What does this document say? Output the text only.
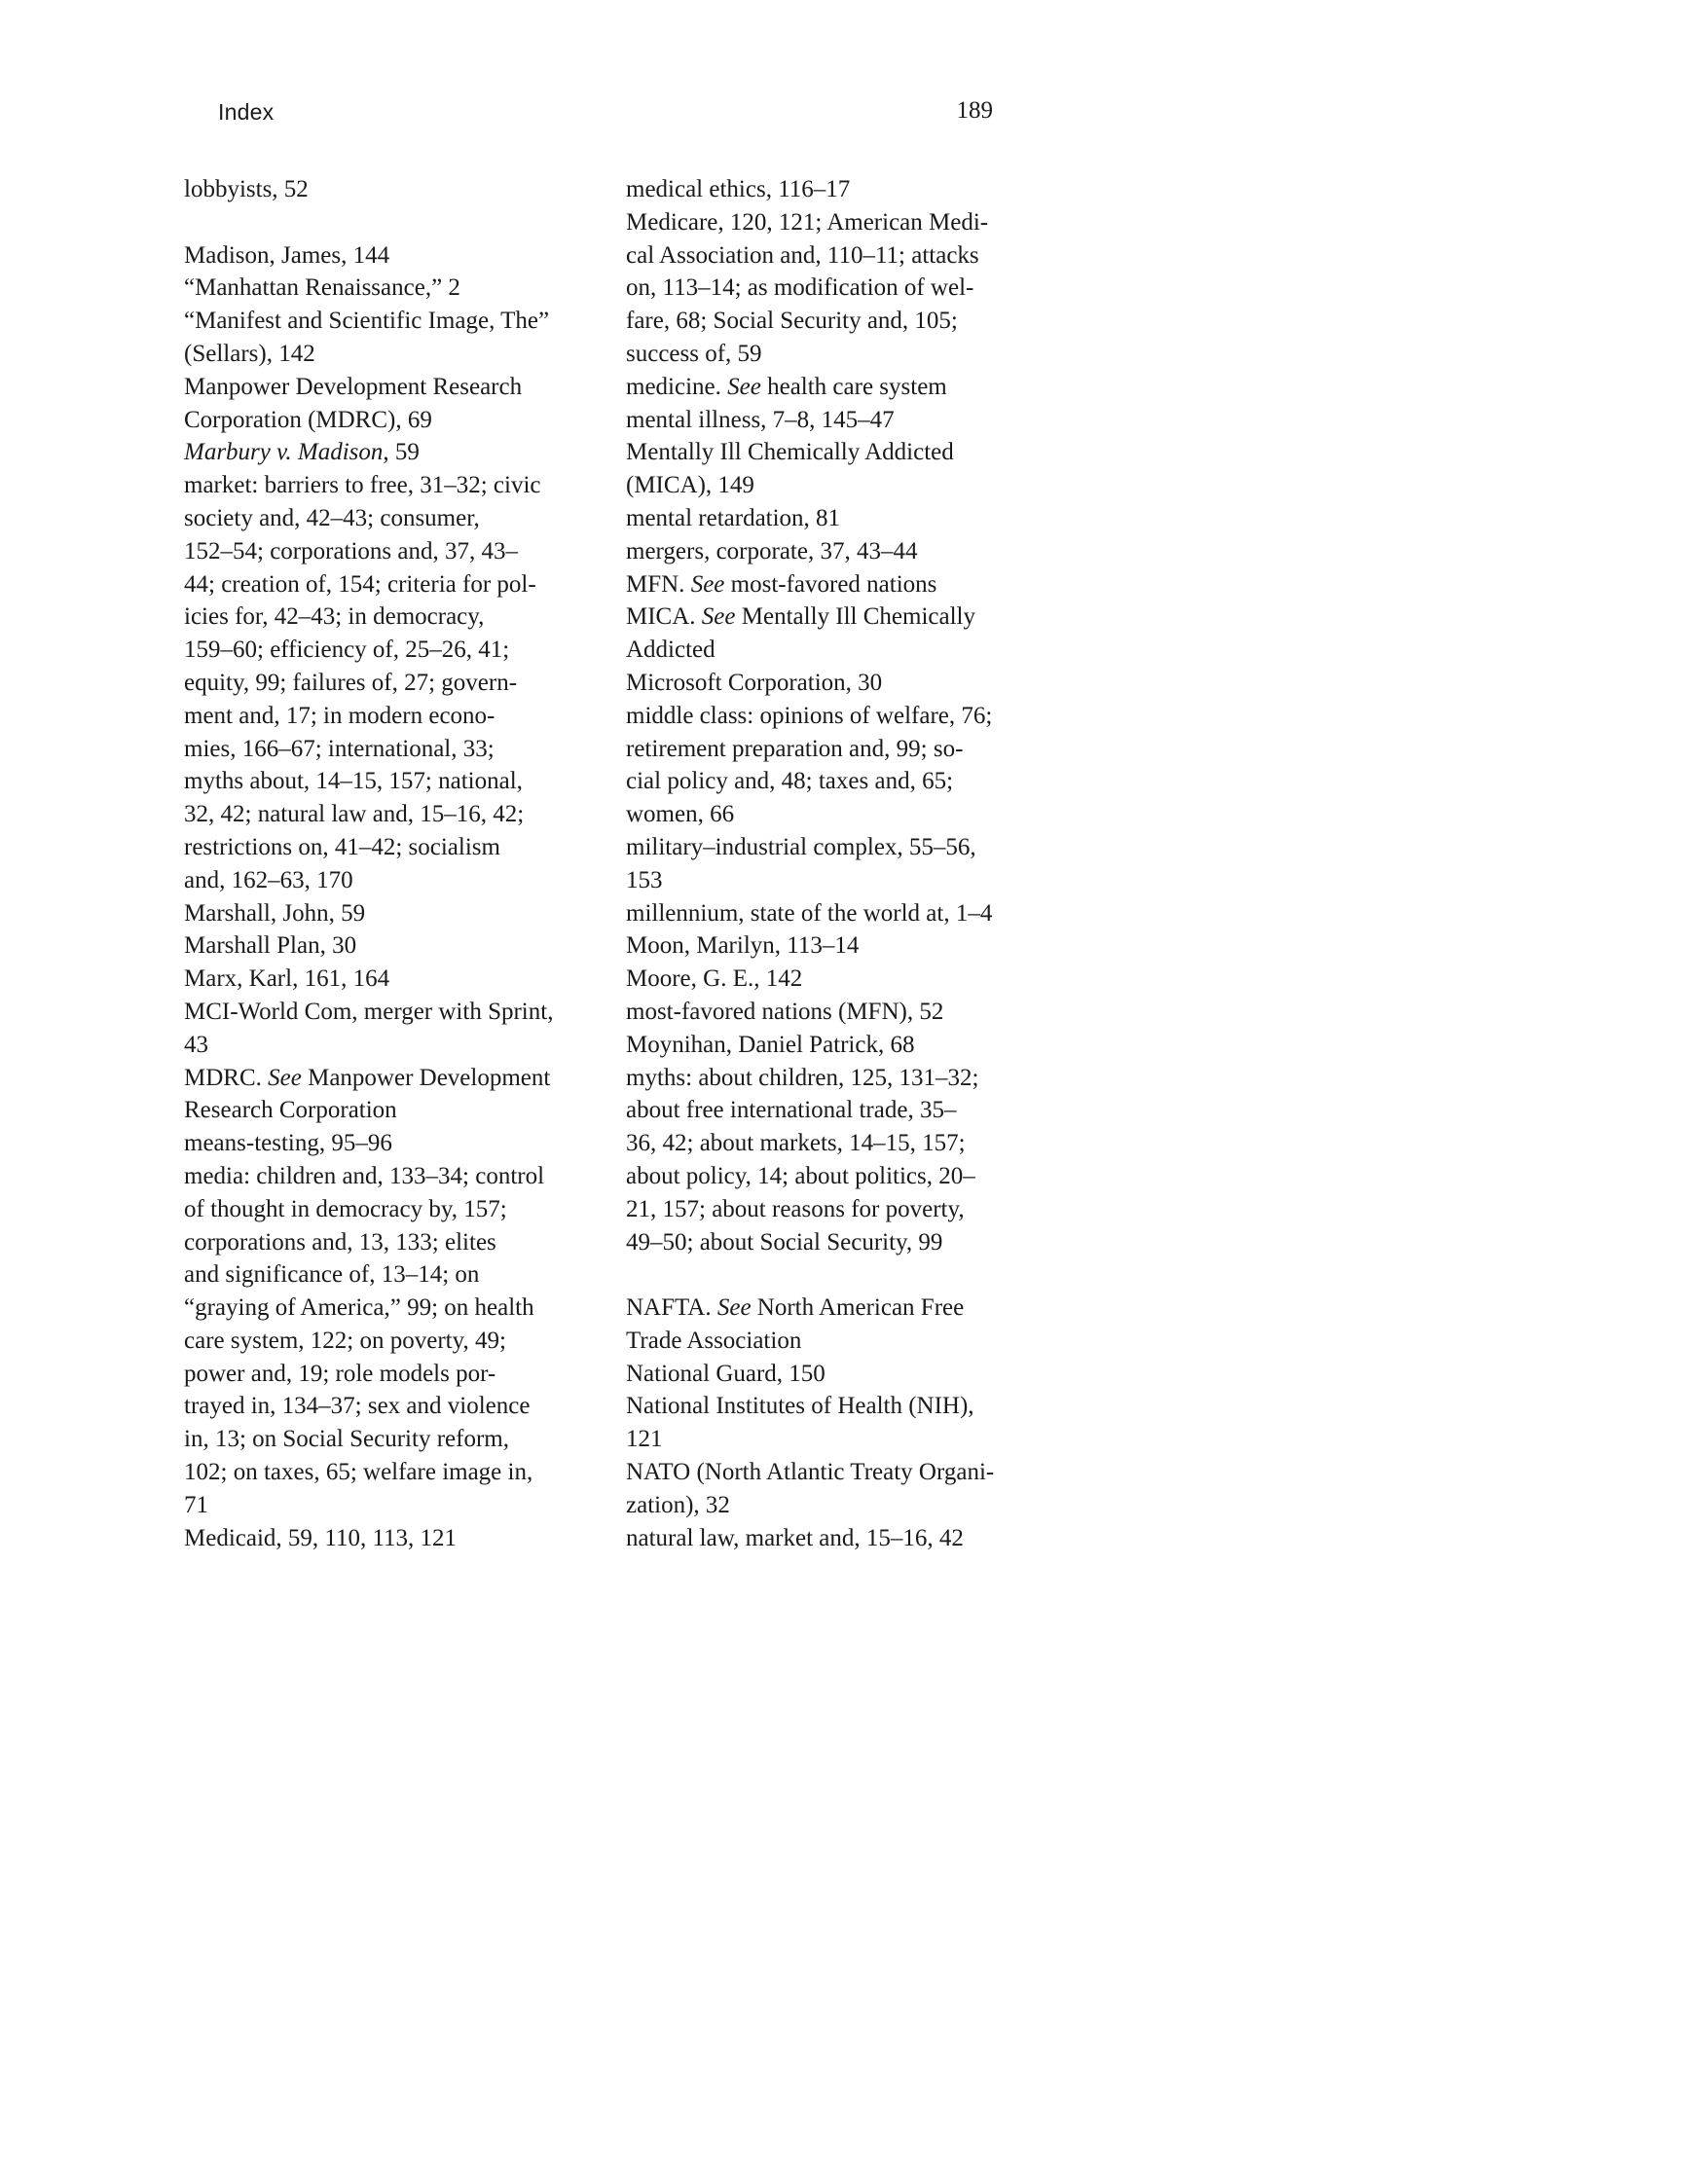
Index	189

lobbyists, 52

Madison, James, 144

“Manhattan Renaissance,” 2

“Manifest and Scientific Image, The”
(Sellars), 142

Manpower Development Research
Corporation (MDRC), 69

Marbury v. Madison, 59

market: barriers to free, 31–32; civic
society and, 42–43; consumer,
152–54; corporations and, 37, 43–
44; creation of, 154; criteria for pol-
icies for, 42–43; in democracy,
159–60; efficiency of, 25–26, 41;
equity, 99; failures of, 27; govern-
ment and, 17; in modern econo-
mies, 166–67; international, 33;
myths about, 14–15, 157; national,
32, 42; natural law and, 15–16, 42;
restrictions on, 41–42; socialism
and, 162–63, 170

Marshall, John, 59

Marshall Plan, 30

Marx, Karl, 161, 164

MCI-World Com, merger with Sprint,
43

MDRC. See Manpower Development
Research Corporation

means-testing, 95–96

media: children and, 133–34; control
of thought in democracy by, 157;
corporations and, 13, 133; elites
and significance of, 13–14; on
“graying of America,” 99; on health
care system, 122; on poverty, 49;
power and, 19; role models por-
trayed in, 134–37; sex and violence
in, 13; on Social Security reform,
102; on taxes, 65; welfare image in,
71

Medicaid, 59, 110, 113, 121

medical ethics, 116–17

Medicare, 120, 121; American Medi-
cal Association and, 110–11; attacks
on, 113–14; as modification of wel-
fare, 68; Social Security and, 105;
success of, 59

medicine. See health care system

mental illness, 7–8, 145–47

Mentally Ill Chemically Addicted
(MICA), 149

mental retardation, 81

mergers, corporate, 37, 43–44

MFN. See most-favored nations

MICA. See Mentally Ill Chemically
Addicted

Microsoft Corporation, 30

middle class: opinions of welfare, 76;
retirement preparation and, 99; so-
cial policy and, 48; taxes and, 65;
women, 66

military–industrial complex, 55–56,
153

millennium, state of the world at, 1–4

Moon, Marilyn, 113–14

Moore, G. E., 142

most-favored nations (MFN), 52

Moynihan, Daniel Patrick, 68

myths: about children, 125, 131–32;
about free international trade, 35–
36, 42; about markets, 14–15, 157;
about policy, 14; about politics, 20–
21, 157; about reasons for poverty,
49–50; about Social Security, 99

NAFTA. See North American Free
Trade Association

National Guard, 150

National Institutes of Health (NIH),
121

NATO (North Atlantic Treaty Organi-
zation), 32

natural law, market and, 15–16, 42
